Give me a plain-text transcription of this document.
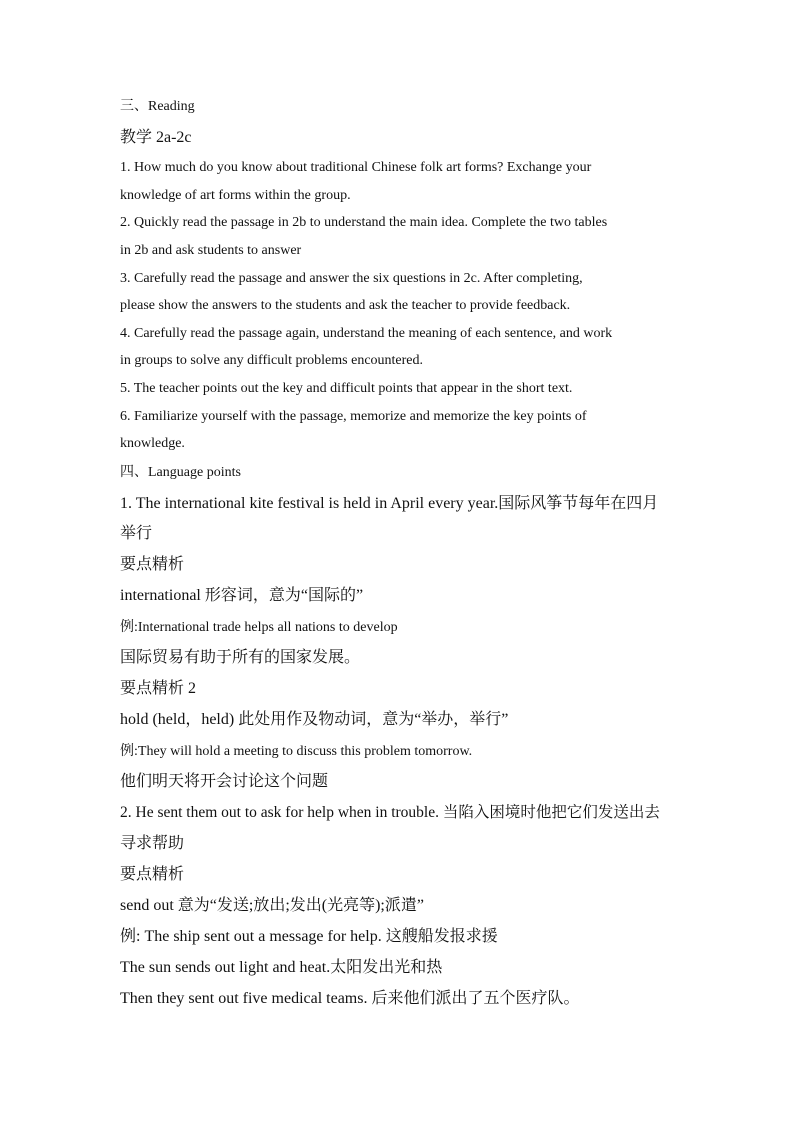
三、Reading
教学 2a-2c
1. How much do you know about traditional Chinese folk art forms? Exchange your
knowledge of art forms within the group.
2. Quickly read the passage in 2b to understand the main idea. Complete the two tables
in 2b and ask students to answer
3. Carefully read the passage and answer the six questions in 2c. After completing,
please show the answers to the students and ask the teacher to provide feedback.
4. Carefully read the passage again, understand the meaning of each sentence, and work
in groups to solve any difficult problems encountered.
5. The teacher points out the key and difficult points that appear in the short text.
6. Familiarize yourself with the passage, memorize and memorize the key points of
knowledge.
四、Language points
1. The international kite festival is held in April every year.国际风筝节每年在四月
举行
要点精析
international 形容词，意为“国际的”
例:International trade helps all nations to develop
国际贸易有助于所有的国家发展。
要点精析 2
hold (held，held) 此处用作及物动词，意为“举办，举行”
例:They will hold a meeting to discuss this problem tomorrow.
他们明天将开会讨论这个问题
2. He sent them out to ask for help when in trouble. 当陷入困境时他把它们发送出去
寻求帮助
要点精析
send out 意为“发送;放出;发出(光亮等);派遣”
例: The ship sent out a message for help. 这艘船发报求援
The sun sends out light and heat.太阳发出光和热
Then they sent out five medical teams. 后来他们派出了五个医疗队。
